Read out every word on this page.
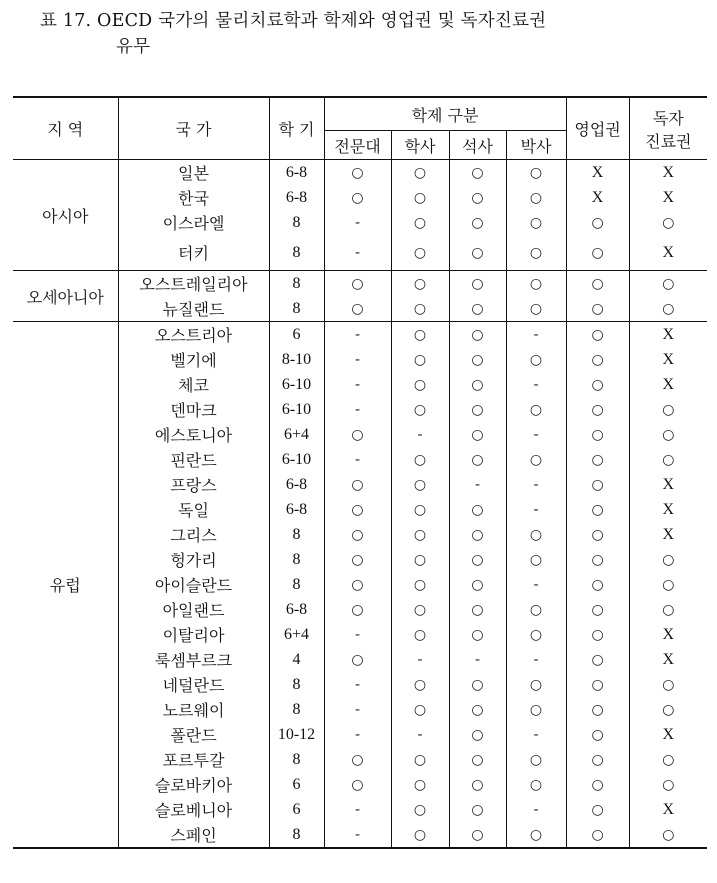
표 17. OECD 국가의 물리치료학과 학제와 영업권 및 독자진료권
유무
지 역	국 가	학 기	학제 구분				영업권	독자
진료권
			전문대	학사	석사	박사		
아시아	일본	6-8	○	○	○	○	X	X
	한국	6-8	○	○	○	○	X	X
	이스라엘	8	-	○	○	○	○	○
	터키	8	-	○	○	○	○	X
오세아니아	오스트레일리아	8	○	○	○	○	○	○
	뉴질랜드	8	○	○	○	○	○	○
유럽	오스트리아	6	-	○	○	-	○	X
	벨기에	8-10	-	○	○	○	○	X
	체코	6-10	-	○	○	-	○	X
	덴마크	6-10	-	○	○	○	○	○
	에스토니아	6+4	○	-	○	-	○	○
	핀란드	6-10	-	○	○	○	○	○
	프랑스	6-8	○	○	-	-	○	X
	독일	6-8	○	○	○	-	○	X
	그리스	8	○	○	○	○	○	X
	헝가리	8	○	○	○	○	○	○
	아이슬란드	8	○	○	○	-	○	○
	아일랜드	6-8	○	○	○	○	○	○
	이탈리아	6+4	-	○	○	○	○	X
	룩셈부르크	4	○	-	-	-	○	X
	네덜란드	8	-	○	○	○	○	○
	노르웨이	8	-	○	○	○	○	○
	폴란드	10-12	-	-	○	-	○	X
	포르투갈	8	○	○	○	○	○	○
	슬로바키아	6	○	○	○	○	○	○
	슬로베니아	6	-	○	○	-	○	X
	스페인	8	-	○	○	○	○	○
